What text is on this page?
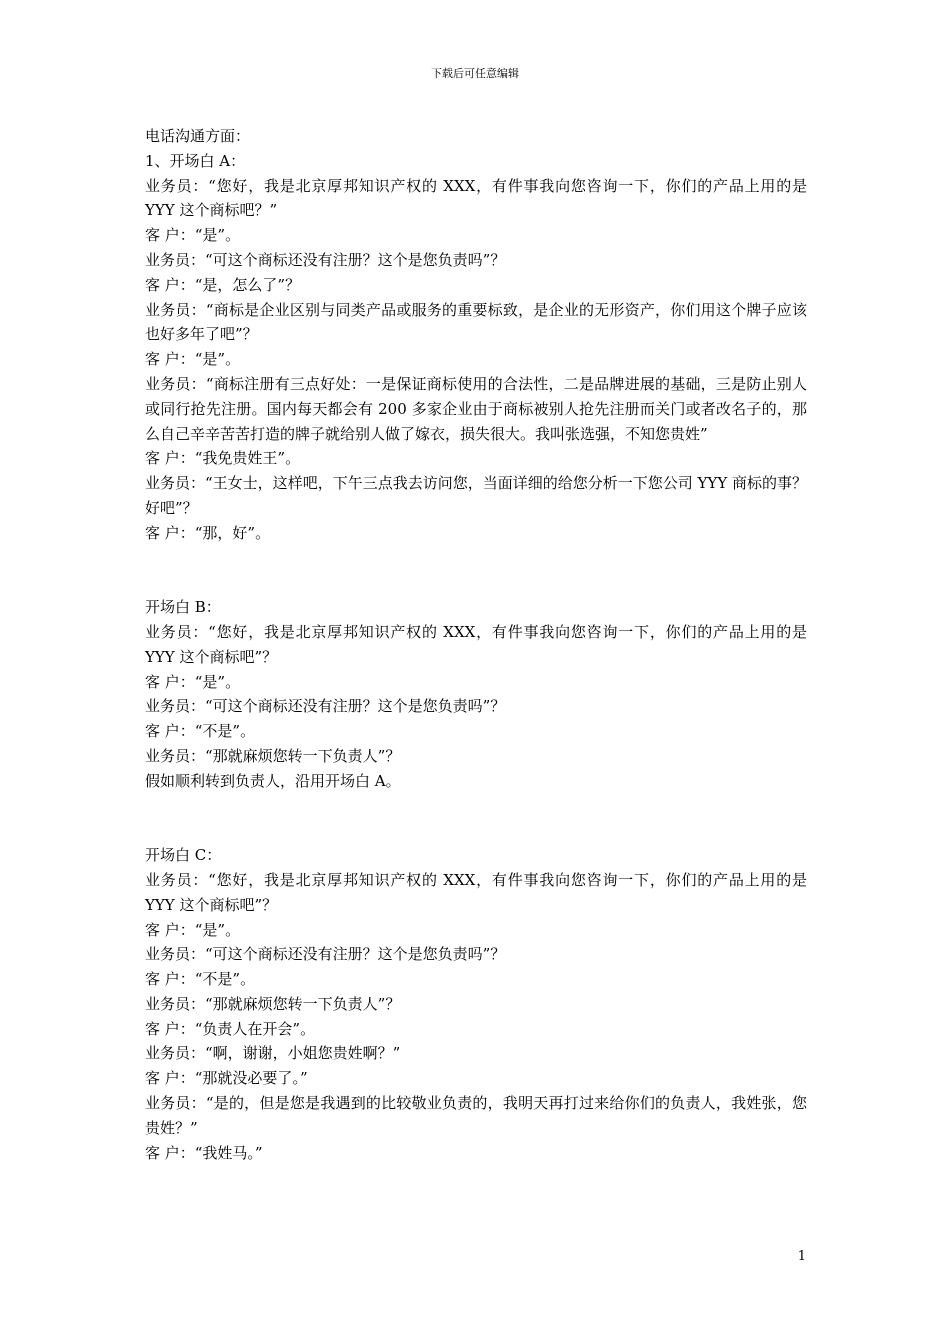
下载后可任意编辑

电话沟通方面：

1、开场白 A：

业务员：“您好，我是北京厚邦知识产权的 XXX，有件事我向您咨询一下，你们的产品上用的是 YYY 这个商标吧？”

客 户：“是”。

业务员：“可这个商标还没有注册？这个是您负责吗”？

客 户：“是，怎么了”？

业务员：“商标是企业区别与同类产品或服务的重要标致，是企业的无形资产，你们用这个牌子应该也好多年了吧”？

客 户：“是”。

业务员：“商标注册有三点好处：一是保证商标使用的合法性，二是品牌进展的基础，三是防止别人或同行抢先注册。国内每天都会有 200 多家企业由于商标被别人抢先注册而关门或者改名子的，那么自己辛辛苦苦打造的牌子就给别人做了嫁衣，损失很大。我叫张选强，不知您贵姓”

客 户：“我免贵姓王”。

业务员：“王女士，这样吧，下午三点我去访问您，当面详细的给您分析一下您公司 YYY 商标的事？好吧”？

客 户：“那，好”。

开场白 B：

业务员：“您好，我是北京厚邦知识产权的 XXX，有件事我向您咨询一下，你们的产品上用的是 YYY 这个商标吧”？

客 户：“是”。

业务员：“可这个商标还没有注册？这个是您负责吗”？

客 户：“不是”。

业务员：“那就麻烦您转一下负责人”？

假如顺利转到负责人，沿用开场白 A。

开场白 C：

业务员：“您好，我是北京厚邦知识产权的 XXX，有件事我向您咨询一下，你们的产品上用的是 YYY 这个商标吧”？

客 户：“是”。

业务员：“可这个商标还没有注册？这个是您负责吗”？

客 户：“不是”。

业务员：“那就麻烦您转一下负责人”？

客 户：“负责人在开会”。

业务员：“啊，谢谢，小姐您贵姓啊？”

客 户：“那就没必要了。”

业务员：“是的，但是您是我遇到的比较敬业负责的，我明天再打过来给你们的负责人，我姓张，您贵姓？”

客 户：“我姓马。”

1
